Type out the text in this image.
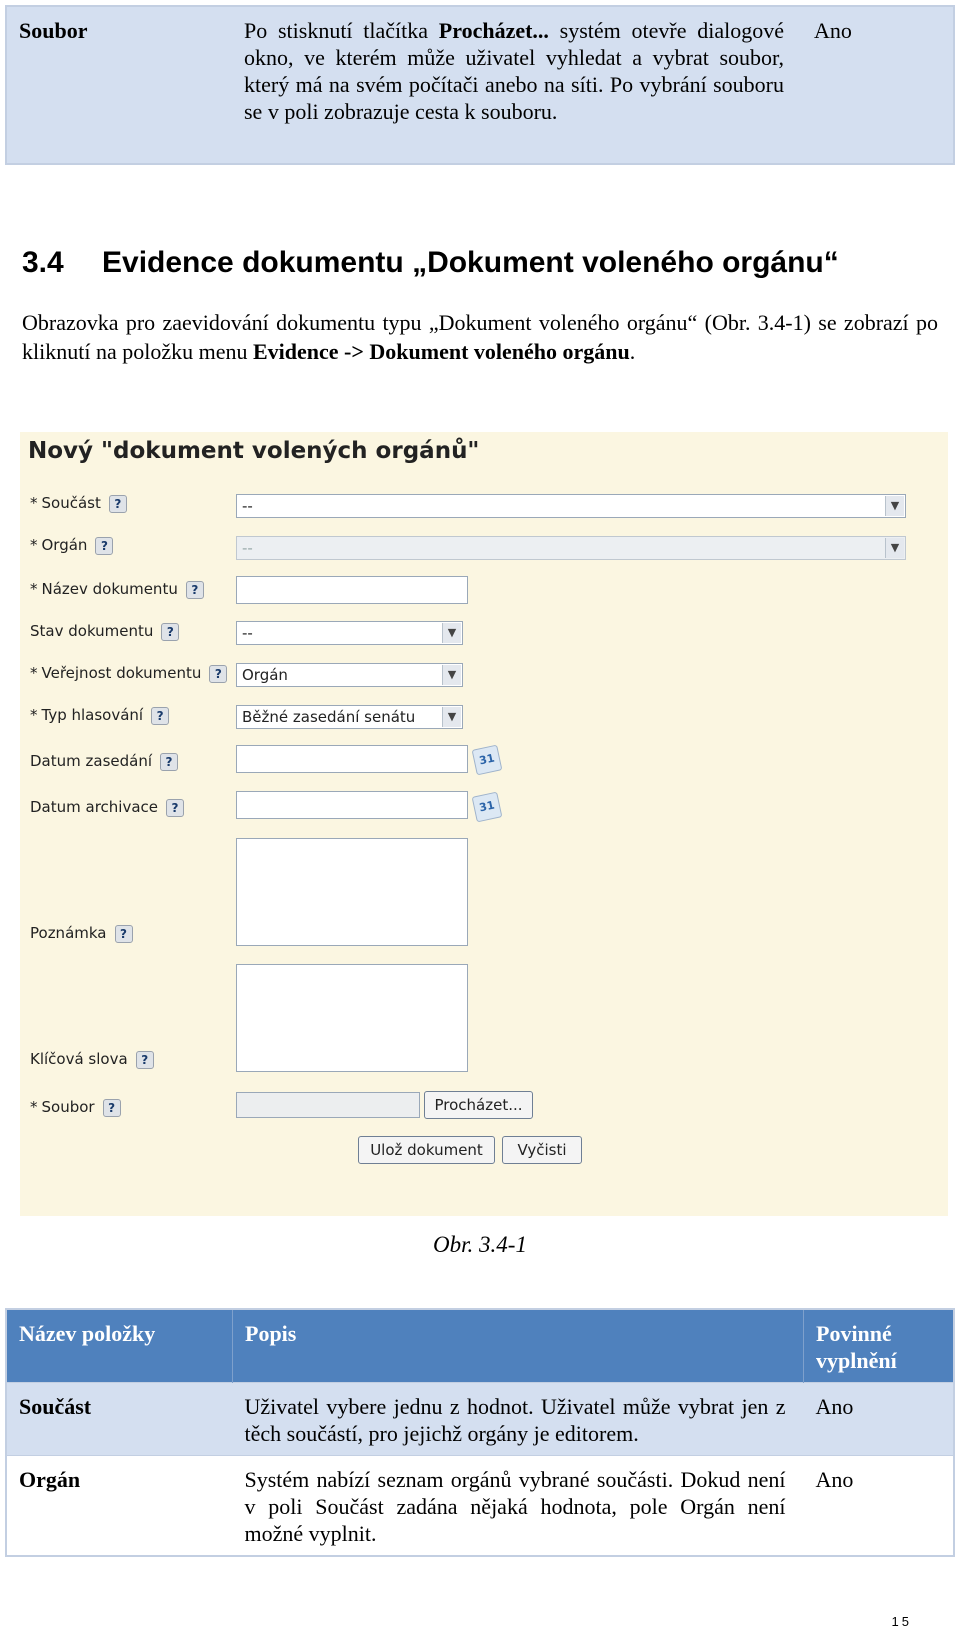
Soubor	Po stisknutí tlačítka Procházet... systém otevře dialogové okno, ve kterém může uživatel vyhledat a vybrat soubor, který má na svém počítači anebo na síti. Po vybrání souboru se v poli zobrazuje cesta k souboru.	Ano
3.4 Evidence dokumentu „Dokument voleného orgánu“
Obrazovka pro zaevidování dokumentu typu „Dokument voleného orgánu“ (Obr. 3.4-1) se zobrazí po kliknutí na položku menu Evidence -> Dokument voleného orgánu.
Nový "dokument volených orgánů"
* Součást ?	--	▼
* Orgán ?	--	▼
* Název dokumentu ?
Stav dokumentu ?	--	▼
* Veřejnost dokumentu ?	Orgán	▼
* Typ hlasování ?	Běžné zasedání senátu	▼
Datum zasedání ?	31
Datum archivace ?	31
Poznámka ?
Klíčová slova ?
* Soubor ?	Procházet...
Ulož dokument	Vyčisti
Obr. 3.4-1
Název položky	Popis	Povinné vyplnění
Součást	Uživatel vybere jednu z hodnot. Uživatel může vybrat jen z těch součástí, pro jejichž orgány je editorem.	Ano
Orgán	Systém nabízí seznam orgánů vybrané součásti. Dokud není v poli Součást zadána nějaká hodnota, pole Orgán není možné vyplnit.	Ano
15
